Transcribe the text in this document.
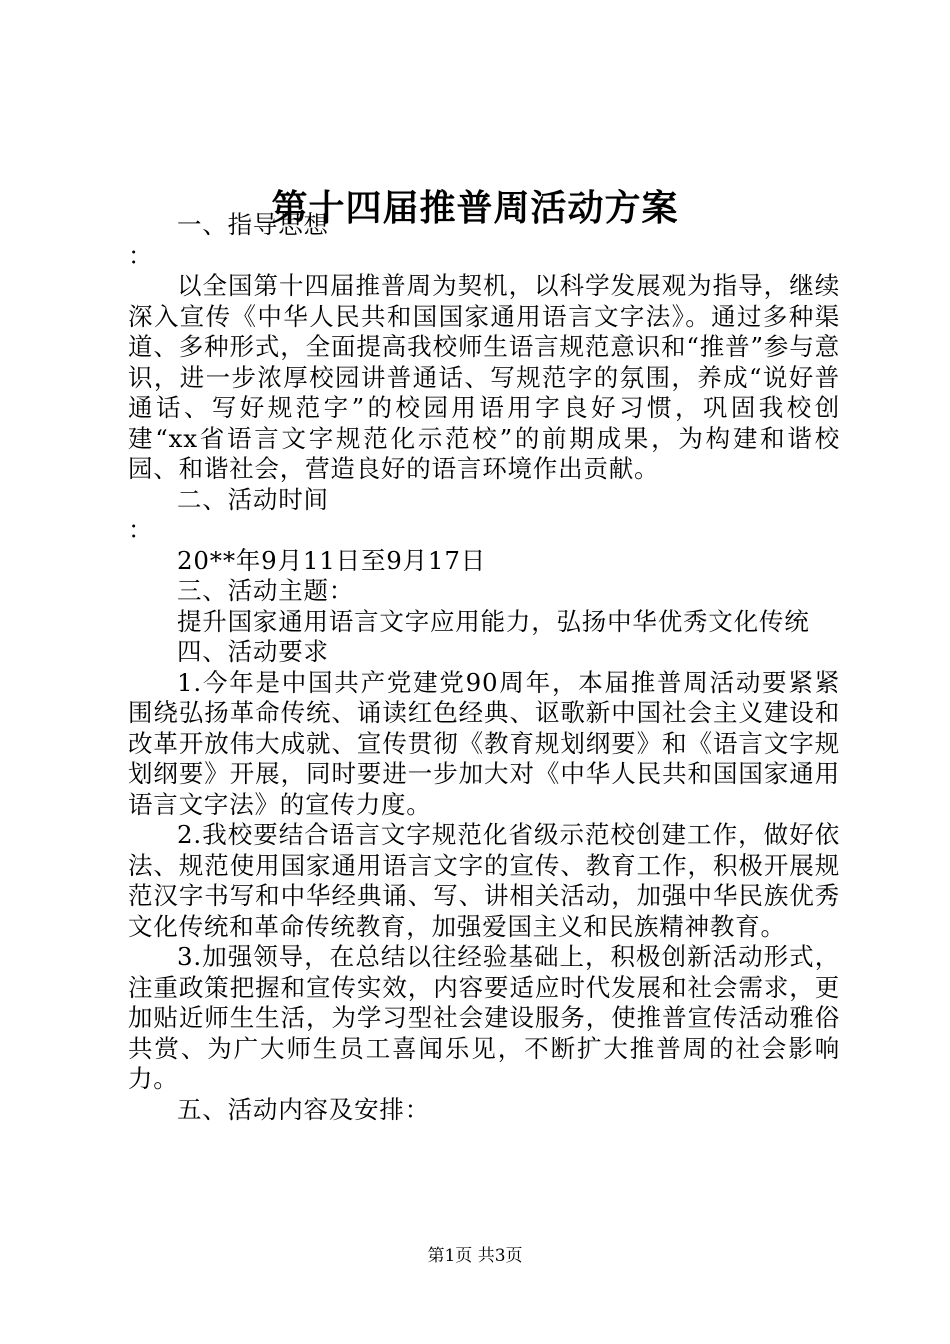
第十四届推普周活动方案

一、指导思想

：

以全国第十四届推普周为契机，以科学发展观为指导，继续深入宣传《中华人民共和国国家通用语言文字法》。通过多种渠道、多种形式，全面提高我校师生语言规范意识和“推普”参与意识，进一步浓厚校园讲普通话、写规范字的氛围，养成“说好普通话、写好规范字”的校园用语用字良好习惯，巩固我校创建“xx省语言文字规范化示范校”的前期成果，为构建和谐校园、和谐社会，营造良好的语言环境作出贡献。

二、活动时间

：

20**年9月11日至9月17日

三、活动主题：

提升国家通用语言文字应用能力，弘扬中华优秀文化传统

四、活动要求

1.今年是中国共产党建党90周年，本届推普周活动要紧紧围绕弘扬革命传统、诵读红色经典、讴歌新中国社会主义建设和改革开放伟大成就、宣传贯彻《教育规划纲要》和《语言文字规划纲要》开展，同时要进一步加大对《中华人民共和国国家通用语言文字法》的宣传力度。

2.我校要结合语言文字规范化省级示范校创建工作，做好依法、规范使用国家通用语言文字的宣传、教育工作，积极开展规范汉字书写和中华经典诵、写、讲相关活动，加强中华民族优秀文化传统和革命传统教育，加强爱国主义和民族精神教育。

3.加强领导，在总结以往经验基础上，积极创新活动形式，注重政策把握和宣传实效，内容要适应时代发展和社会需求，更加贴近师生生活，为学习型社会建设服务，使推普宣传活动雅俗共赏、为广大师生员工喜闻乐见，不断扩大推普周的社会影响力。

五、活动内容及安排：

第1页 共3页
